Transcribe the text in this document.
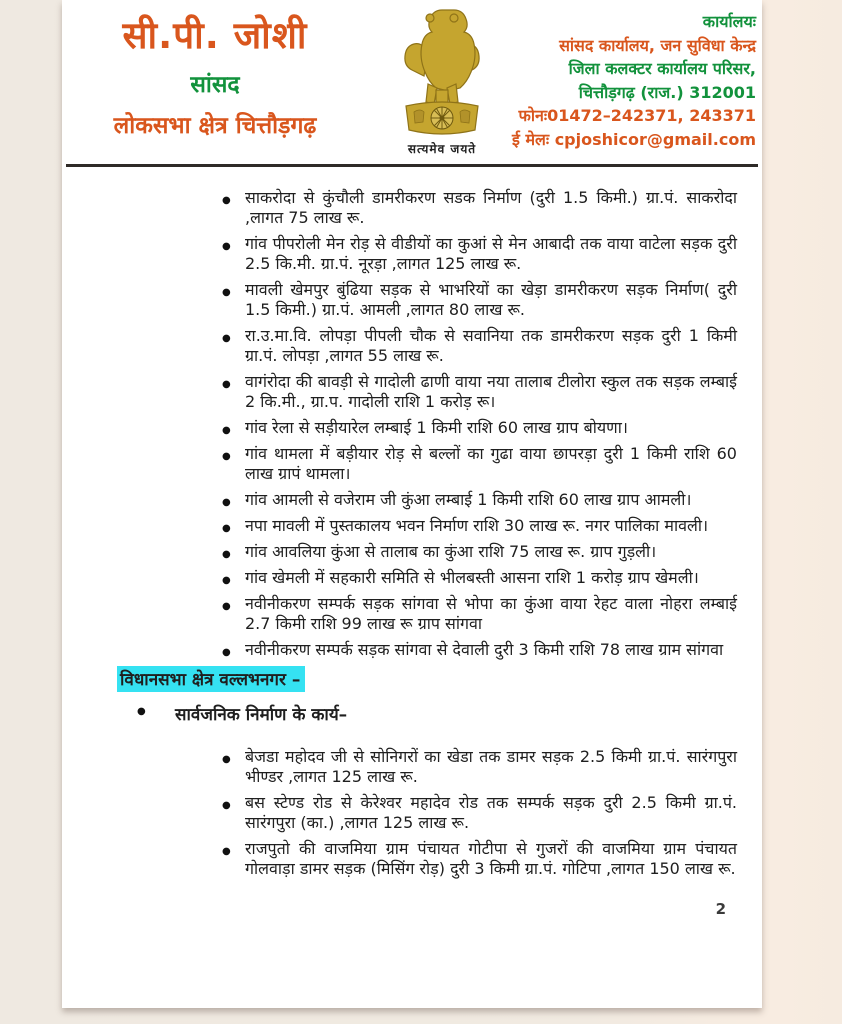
सी.पी. जोशी
सांसद
लोकसभा क्षेत्र चित्तौड़गढ़
सत्यमेव जयते
कार्यालयः
सांसद कार्यालय, जन सुविधा केन्द्र
जिला कलक्टर कार्यालय परिसर,
चित्तौड़गढ़ (राज.) 312001
फोनः01472–242371, 243371
ई मेलः cpjoshicor@gmail.com
● साकरोदा से कुंचौली डामरीकरण सडक निर्माण (दुरी 1.5 किमी.) ग्रा.पं. साकरोदा ,लागत 75 लाख रू.
● गांव पीपरोली मेन रोड़ से वीडीयों का कुआं से मेन आबादी तक वाया वाटेला सड़क दुरी 2.5 कि.मी. ग्रा.पं. नूरड़ा ,लागत 125 लाख रू.
● मावली खेमपुर बुंढिया सड़क से भाभरियों का खेड़ा डामरीकरण सड़क निर्माण( दुरी 1.5 किमी.) ग्रा.पं. आमली ,लागत 80 लाख रू.
● रा.उ.मा.वि. लोपड़ा पीपली चौक से सवानिया तक डामरीकरण सड़क दुरी 1 किमी ग्रा.पं. लोपड़ा ,लागत 55 लाख रू.
● वागंरोदा की बावड़ी से गादोली ढाणी वाया नया तालाब टीलोरा स्कुल तक सड़क लम्बाई 2 कि.मी., ग्रा.प. गादोली राशि 1 करोड़ रू।
● गांव रेला से सड़ीयारेल लम्बाई 1 किमी राशि 60 लाख ग्राप बोयणा।
● गांव थामला में बड़ीयार रोड़ से बल्लों का गुढा वाया छापरड़ा दुरी 1 किमी राशि 60 लाख ग्रापं थामला।
● गांव आमली से वजेराम जी कुंआ लम्बाई 1 किमी राशि 60 लाख ग्राप आमली।
● नपा मावली में पुस्तकालय भवन निर्माण राशि 30 लाख रू. नगर पालिका मावली।
● गांव आवलिया कुंआ से तालाब का कुंआ राशि 75 लाख रू. ग्राप गुड़ली।
● गांव खेमली में सहकारी समिति से भीलबस्ती आसना राशि 1 करोड़ ग्राप खेमली।
● नवीनीकरण सम्पर्क सड़क सांगवा से भोपा का कुंआ वाया रेहट वाला नोहरा लम्बाई 2.7 किमी राशि 99 लाख रू ग्राप सांगवा
● नवीनीकरण सम्पर्क सड़क सांगवा से देवाली दुरी 3 किमी राशि 78 लाख ग्राम सांगवा
विधानसभा क्षेत्र वल्लभनगर –
● सार्वजनिक निर्माण के कार्य–
● बेजडा महोदव जी से सोनिगरों का खेडा तक डामर सड़क 2.5 किमी ग्रा.पं. सारंगपुरा भीण्डर ,लागत 125 लाख रू.
● बस स्टेण्ड रोड से केरेश्वर महादेव रोड तक सम्पर्क सड़क दुरी 2.5 किमी ग्रा.पं. सारंगपुरा (का.) ,लागत 125 लाख रू.
● राजपुतो की वाजमिया ग्राम पंचायत गोटीपा से गुजरों की वाजमिया ग्राम पंचायत गोलवाड़ा डामर सड़क (मिसिंग रोड़) दुरी 3 किमी ग्रा.पं. गोटिपा ,लागत 150 लाख रू.
2
